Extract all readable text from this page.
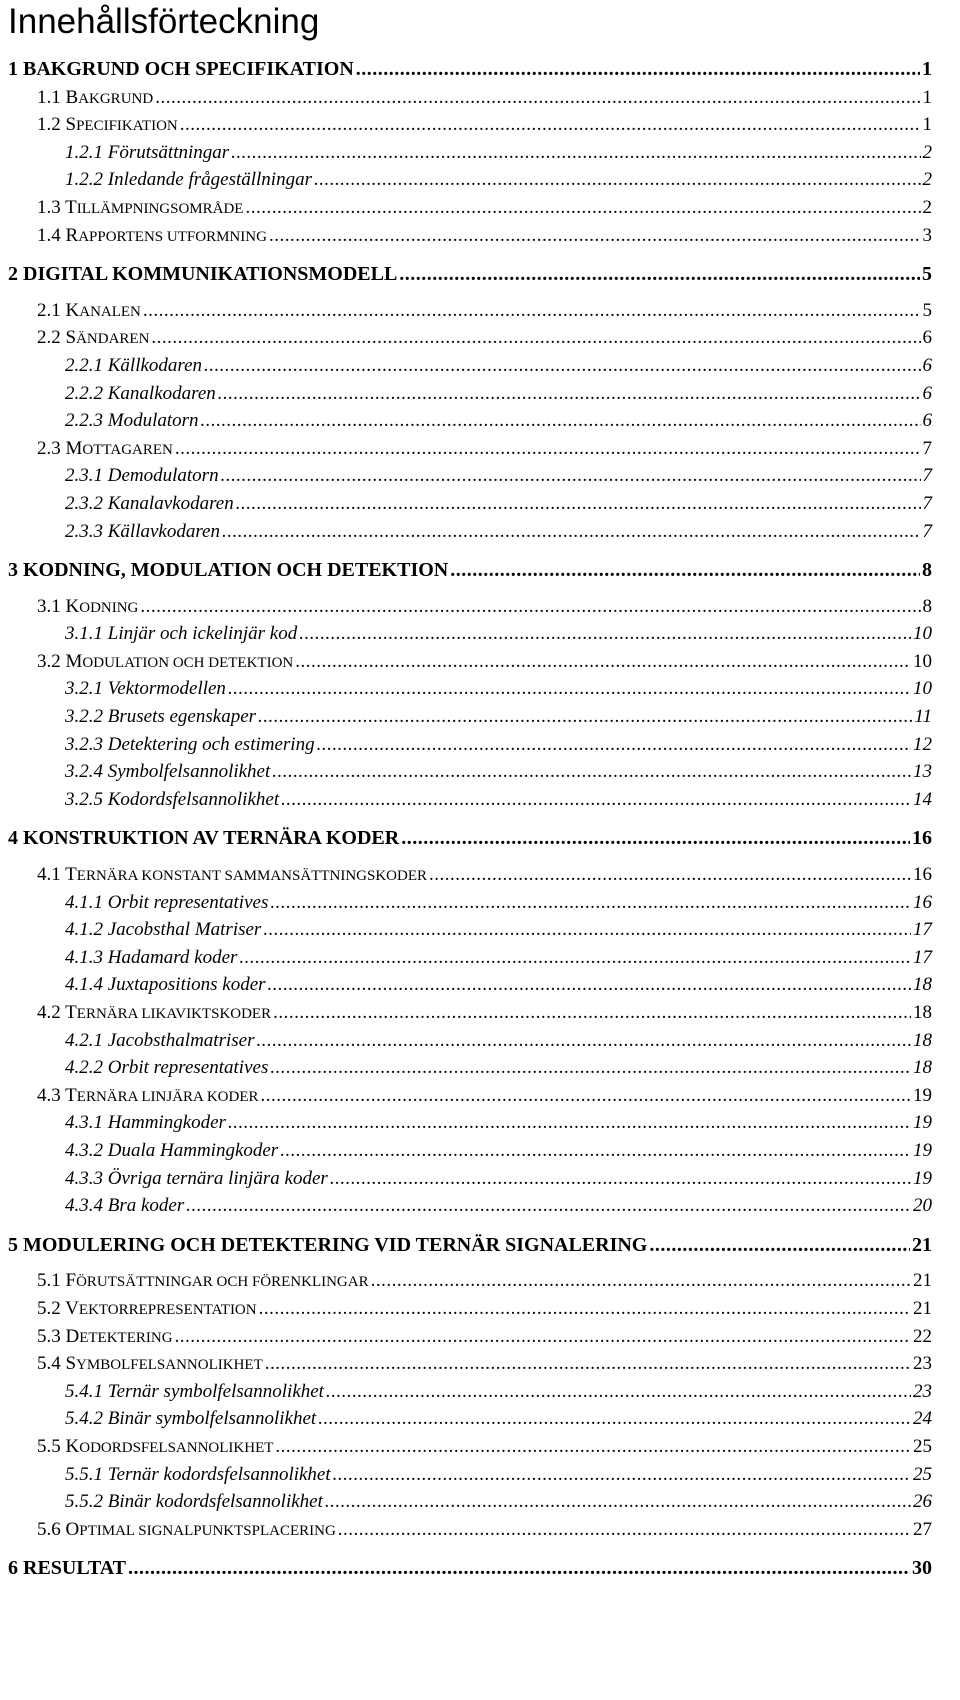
Innehållsförteckning
1 BAKGRUND OCH SPECIFIKATION .....	1
1.1 BAKGRUND .....	1
1.2 SPECIFIKATION .....	1
1.2.1 Förutsättningar .....	2
1.2.2 Inledande frågeställningar .....	2
1.3 TILLÄMPNINGSOMRÅDE .....	2
1.4 RAPPORTENS UTFORMNING .....	3
2 DIGITAL KOMMUNIKATIONSMODELL .....	5
2.1 KANALEN .....	5
2.2 SÄNDAREN .....	6
2.2.1 Källkodaren .....	6
2.2.2 Kanalkodaren .....	6
2.2.3 Modulatorn .....	6
2.3 MOTTAGAREN .....	7
2.3.1 Demodulatorn .....	7
2.3.2 Kanalavkodaren .....	7
2.3.3 Källavkodaren .....	7
3 KODNING, MODULATION OCH DETEKTION .....	8
3.1 KODNING .....	8
3.1.1 Linjär och ickelinjär kod .....	10
3.2 MODULATION OCH DETEKTION .....	10
3.2.1 Vektormodellen .....	10
3.2.2 Brusets egenskaper .....	11
3.2.3 Detektering och estimering .....	12
3.2.4 Symbolfelsannolikhet .....	13
3.2.5 Kodordsfelsannolikhet .....	14
4 KONSTRUKTION AV TERNÄRA KODER .....	16
4.1 TERNÄRA KONSTANT SAMMANSÄTTNINGSKODER .....	16
4.1.1 Orbit representatives .....	16
4.1.2 Jacobsthal Matriser .....	17
4.1.3 Hadamard koder .....	17
4.1.4 Juxtapositions koder .....	18
4.2 TERNÄRA LIKAVIKTSKODER .....	18
4.2.1 Jacobsthalmatriser .....	18
4.2.2 Orbit representatives .....	18
4.3 TERNÄRA LINJÄRA KODER .....	19
4.3.1 Hammingkoder .....	19
4.3.2 Duala Hammingkoder .....	19
4.3.3 Övriga ternära linjära koder .....	19
4.3.4 Bra koder .....	20
5 MODULERING OCH DETEKTERING VID TERNÄR SIGNALERING .....	21
5.1 FÖRUTSÄTTNINGAR OCH FÖRENKLINGAR .....	21
5.2 VEKTORREPRESENTATION .....	21
5.3 DETEKTERING .....	22
5.4 SYMBOLFELSANNOLIKHET .....	23
5.4.1 Ternär symbolfelsannolikhet .....	23
5.4.2 Binär symbolfelsannolikhet .....	24
5.5 KODORDSFELSANNOLIKHET .....	25
5.5.1 Ternär kodordsfelsannolikhet .....	25
5.5.2 Binär kodordsfelsannolikhet .....	26
5.6 OPTIMAL SIGNALPUNKTSPLACERING .....	27
6 RESULTAT .....	30
